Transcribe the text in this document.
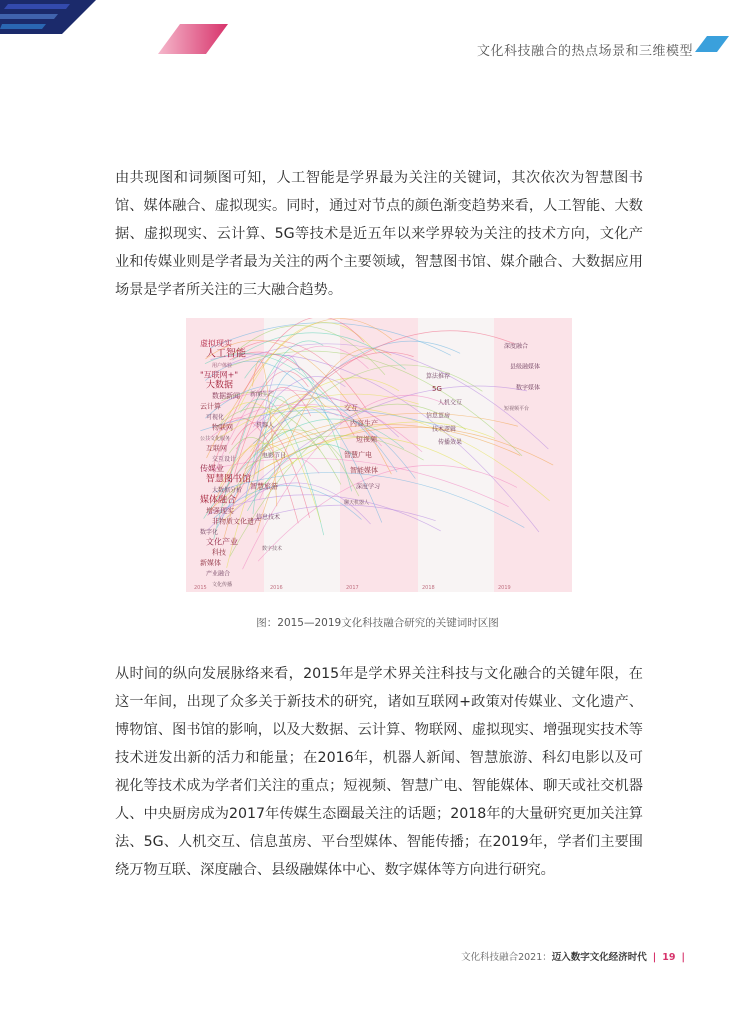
文化科技融合的热点场景和三维模型

由共现图和词频图可知，人工智能是学界最为关注的关键词，其次依次为智慧图书馆、媒体融合、虚拟现实。同时，通过对节点的颜色渐变趋势来看，人工智能、大数据、虚拟现实、云计算、5G等技术是近五年以来学界较为关注的技术方向，文化产业和传媒业则是学者最为关注的两个主要领域，智慧图书馆、媒介融合、大数据应用场景是学者所关注的三大融合趋势。

虚拟现实
人工智能
用户体验
"互联网+"
大数据
数据新闻
云计算
可视化
物联网
公共文化服务
互联网
交互设计
传媒业
智慧图书馆
大数据分析
媒体融合
增强现实
非物质文化遗产
数字化
文化产业
科技
新媒体
产业融合
文化传播
新闻生产
机器人
电影节目
智慧旅游
信息技术
数字技术
交互
内容生产
短视频
智慧广电
智能媒体
深度学习
聊天机器人
算法推荐
5G
人机交互
信息茧房
技术逻辑
传播效果
深度融合
县级融媒体
数字媒体
短视频平台
2015	2016	2017	2018	2019
图：2015—2019文化科技融合研究的关键词时区图

从时间的纵向发展脉络来看，2015年是学术界关注科技与文化融合的关键年限，在这一年间，出现了众多关于新技术的研究，诸如互联网+政策对传媒业、文化遗产、博物馆、图书馆的影响，以及大数据、云计算、物联网、虚拟现实、增强现实技术等技术迸发出新的活力和能量；在2016年，机器人新闻、智慧旅游、科幻电影以及可视化等技术成为学者们关注的重点；短视频、智慧广电、智能媒体、聊天或社交机器人、中央厨房成为2017年传媒生态圈最关注的话题；2018年的大量研究更加关注算法、5G、人机交互、信息茧房、平台型媒体、智能传播；在2019年，学者们主要围绕万物互联、深度融合、县级融媒体中心、数字媒体等方向进行研究。

文化科技融合2021：迈入数字文化经济时代 | 19 |
